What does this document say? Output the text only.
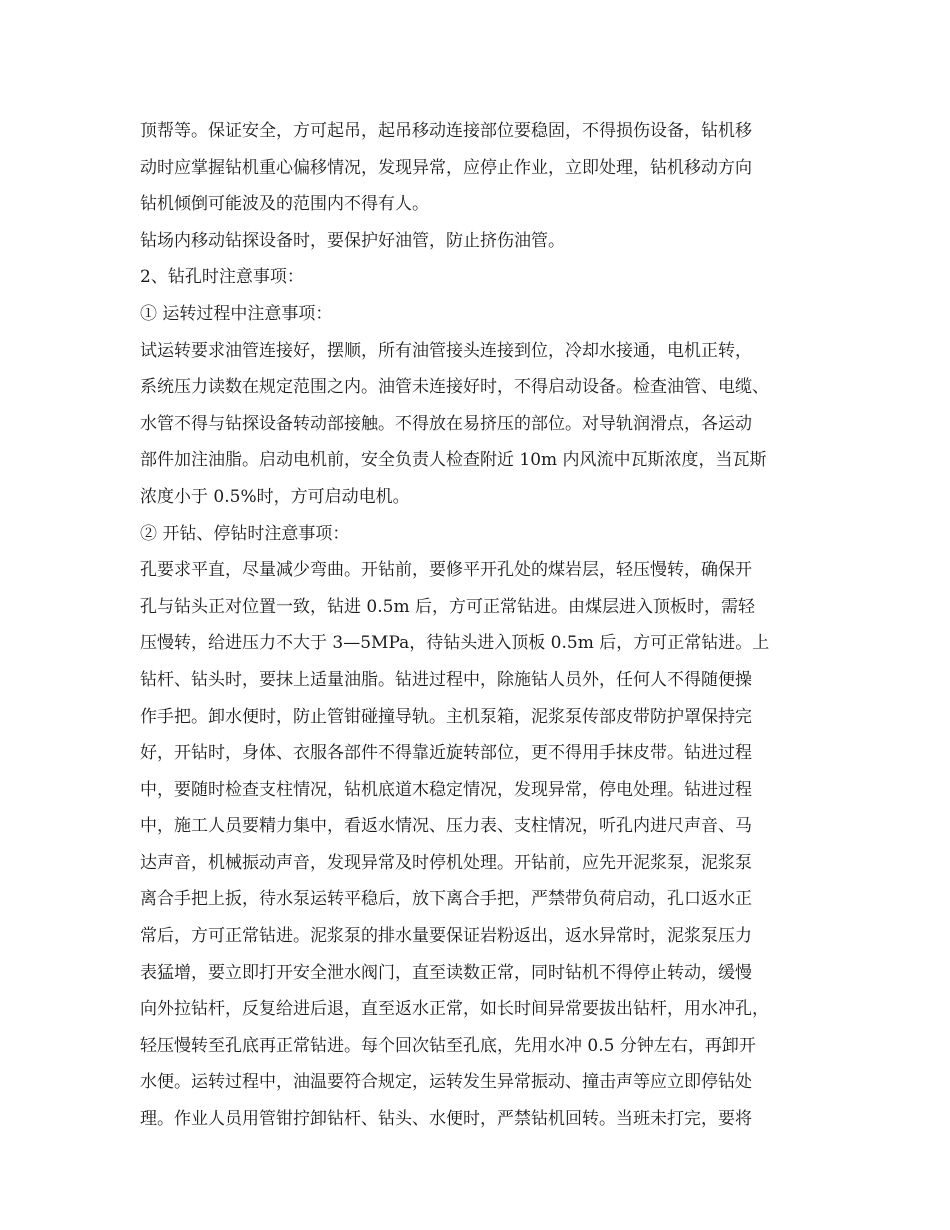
顶帮等。保证安全，方可起吊，起吊移动连接部位要稳固，不得损伤设备，钻机移
动时应掌握钻机重心偏移情况，发现异常，应停止作业，立即处理，钻机移动方向
钻机倾倒可能波及的范围内不得有人。
钻场内移动钻探设备时，要保护好油管，防止挤伤油管。
2、钻孔时注意事项：
① 运转过程中注意事项：
试运转要求油管连接好，摆顺，所有油管接头连接到位，冷却水接通，电机正转，
系统压力读数在规定范围之内。油管未连接好时，不得启动设备。检查油管、电缆、
水管不得与钻探设备转动部接触。不得放在易挤压的部位。对导轨润滑点，各运动
部件加注油脂。启动电机前，安全负责人检查附近 10m 内风流中瓦斯浓度，当瓦斯
浓度小于 0.5%时，方可启动电机。
② 开钻、停钻时注意事项：
孔要求平直，尽量减少弯曲。开钻前，要修平开孔处的煤岩层，轻压慢转，确保开
孔与钻头正对位置一致，钻进 0.5m 后，方可正常钻进。由煤层进入顶板时，需轻
压慢转，给进压力不大于 3—5MPa，待钻头进入顶板 0.5m 后，方可正常钻进。上
钻杆、钻头时，要抹上适量油脂。钻进过程中，除施钻人员外，任何人不得随便操
作手把。卸水便时，防止管钳碰撞导轨。主机泵箱，泥浆泵传部皮带防护罩保持完
好，开钻时，身体、衣服各部件不得靠近旋转部位，更不得用手抹皮带。钻进过程
中，要随时检查支柱情况，钻机底道木稳定情况，发现异常，停电处理。钻进过程
中，施工人员要精力集中，看返水情况、压力表、支柱情况，听孔内进尺声音、马
达声音，机械振动声音，发现异常及时停机处理。开钻前，应先开泥浆泵，泥浆泵
离合手把上扳，待水泵运转平稳后，放下离合手把，严禁带负荷启动，孔口返水正
常后，方可正常钻进。泥浆泵的排水量要保证岩粉返出，返水异常时，泥浆泵压力
表猛增，要立即打开安全泄水阀门，直至读数正常，同时钻机不得停止转动，缓慢
向外拉钻杆，反复给进后退，直至返水正常，如长时间异常要拔出钻杆，用水冲孔，
轻压慢转至孔底再正常钻进。每个回次钻至孔底，先用水冲 0.5 分钟左右，再卸开
水便。运转过程中，油温要符合规定，运转发生异常振动、撞击声等应立即停钻处
理。作业人员用管钳拧卸钻杆、钻头、水便时，严禁钻机回转。当班未打完，要将
